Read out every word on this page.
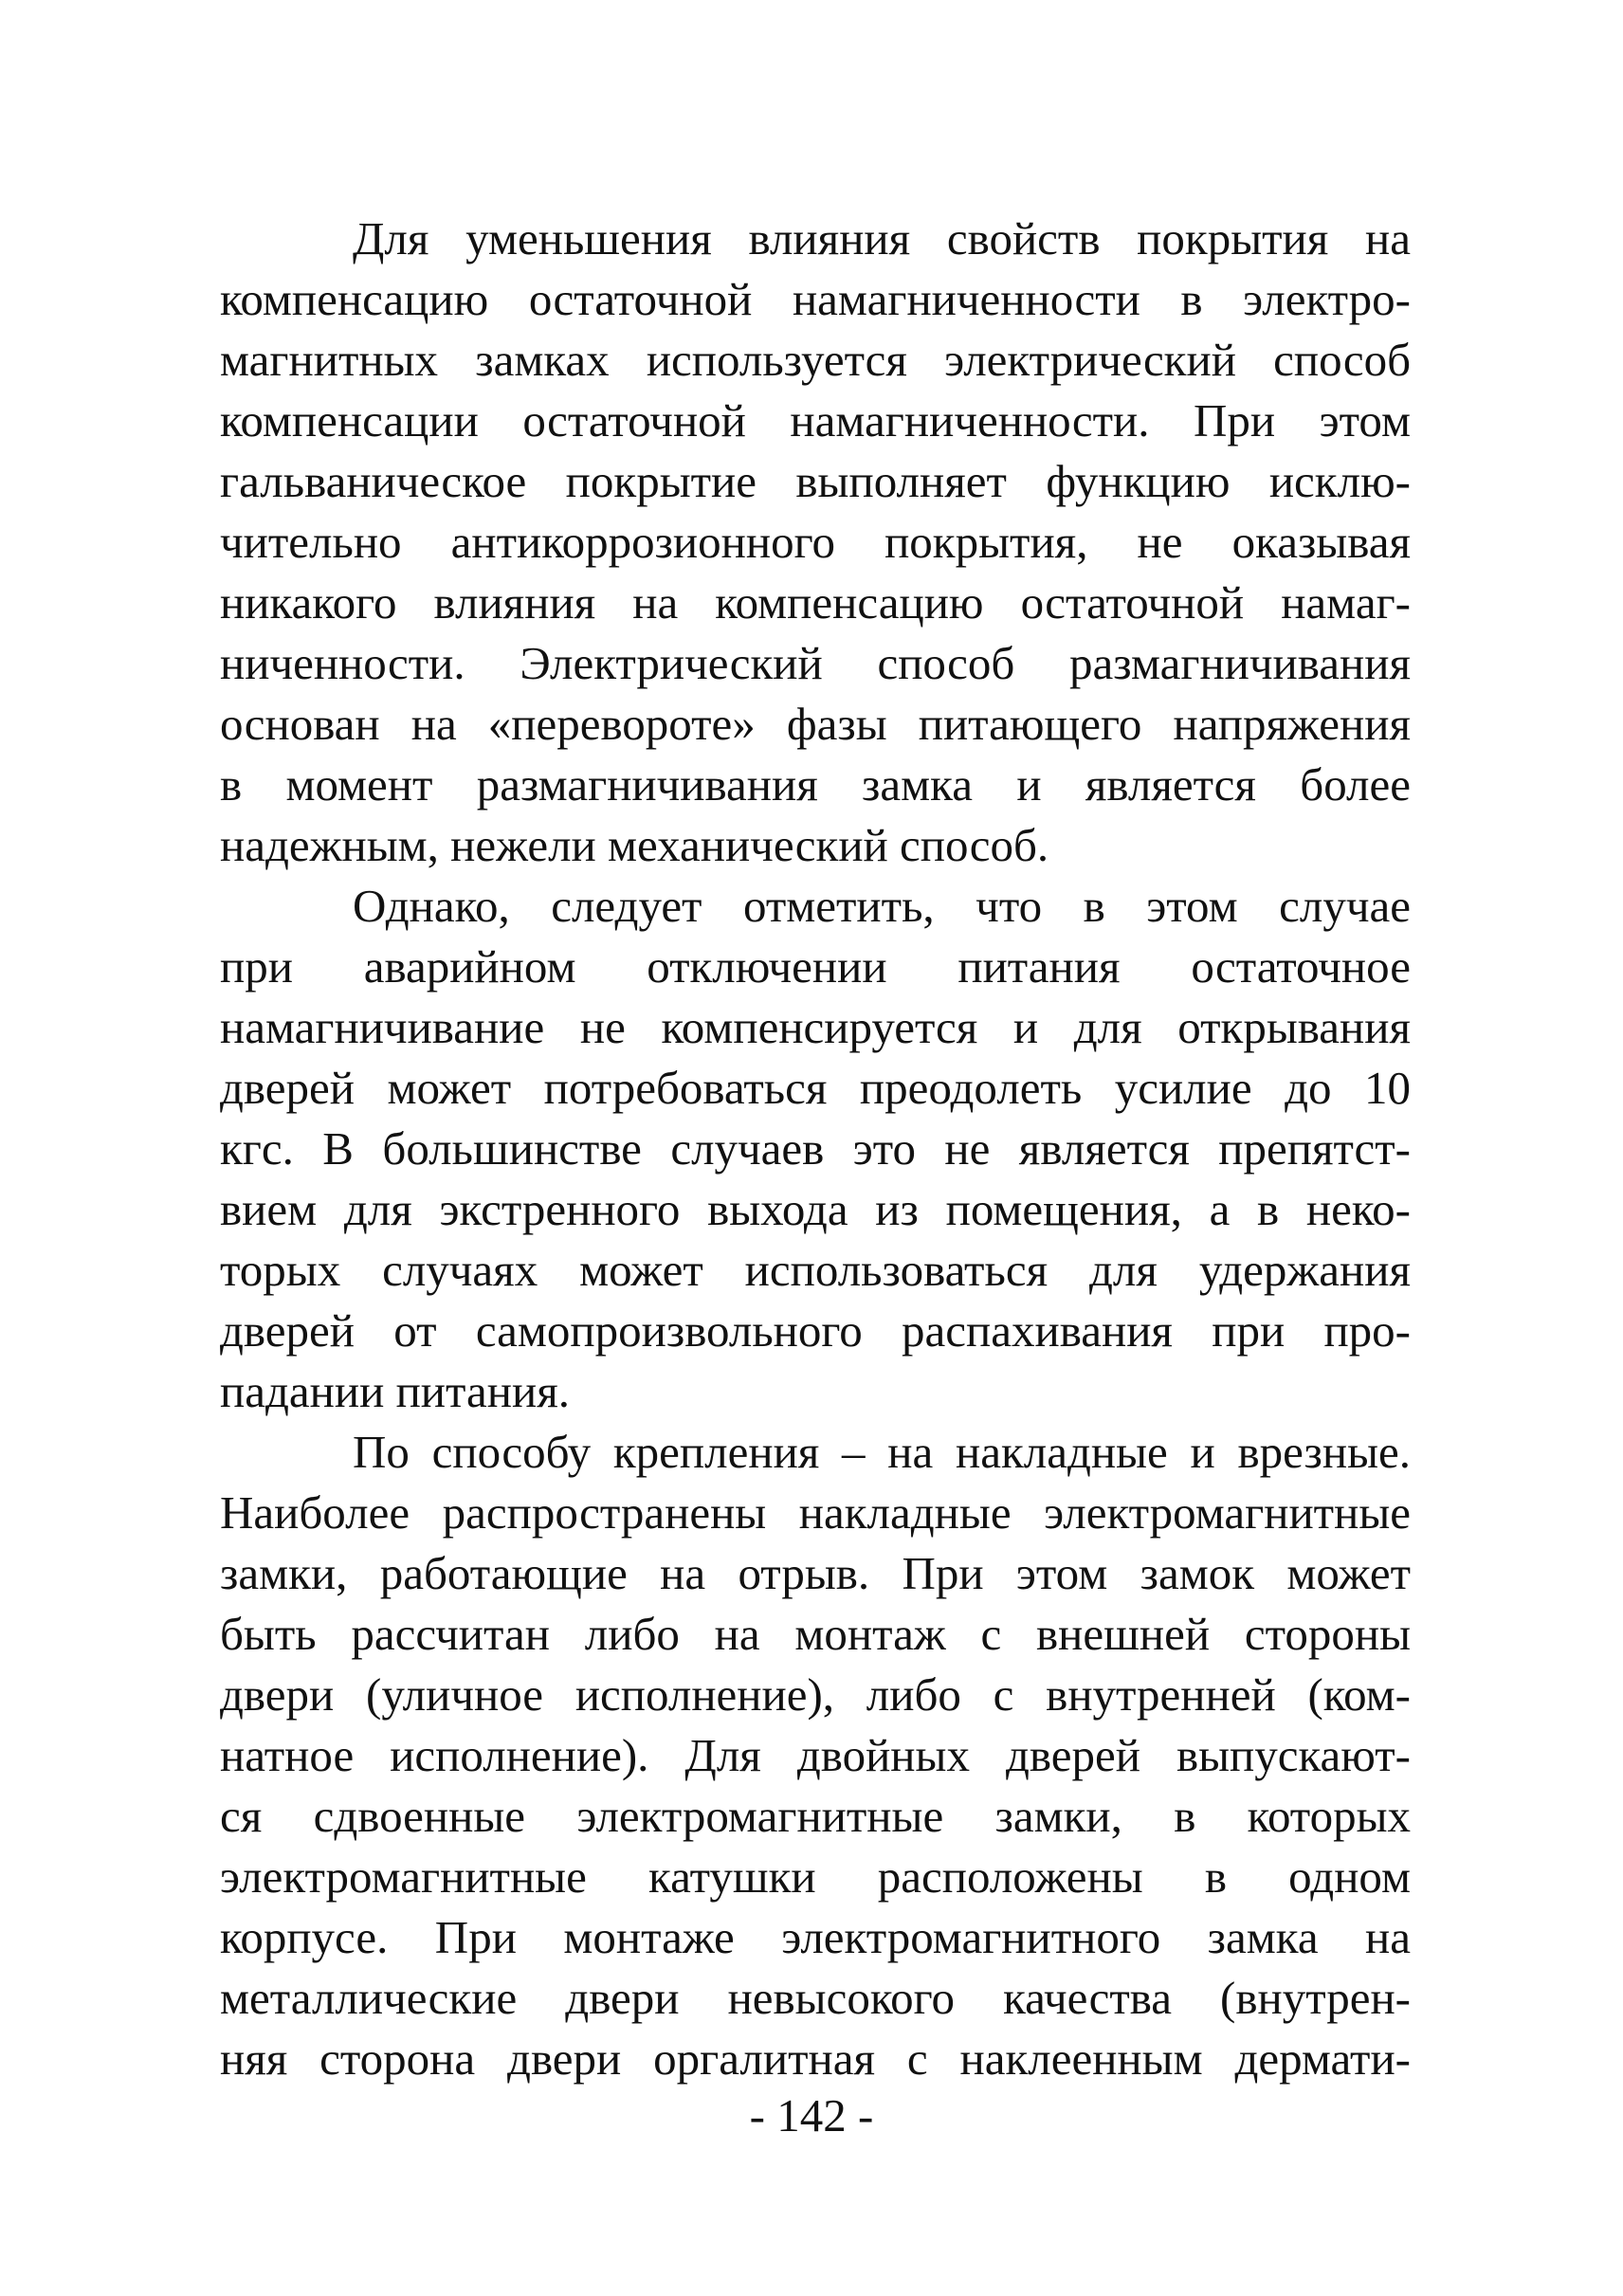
Для уменьшения влияния свойств покрытия на
компенсацию остаточной намагниченности в электро-
магнитных замках используется электрический способ
компенсации остаточной намагниченности. При этом
гальваническое покрытие выполняет функцию исклю-
чительно антикоррозионного покрытия, не оказывая
никакого влияния на компенсацию остаточной намаг-
ниченности. Электрический способ размагничивания
основан на «перевороте» фазы питающего напряжения
в момент размагничивания замка и является более
надежным, нежели механический способ.
Однако, следует отметить, что в этом случае
при аварийном отключении питания остаточное
намагничивание не компенсируется и для открывания
дверей может потребоваться преодолеть усилие до 10
кгс. В большинстве случаев это не является препятст-
вием для экстренного выхода из помещения, а в неко-
торых случаях может использоваться для удержания
дверей от самопроизвольного распахивания при про-
падании питания.
По способу крепления – на накладные и врезные.
Наиболее распространены накладные электромагнитные
замки, работающие на отрыв. При этом замок может
быть рассчитан либо на монтаж с внешней стороны
двери (уличное исполнение), либо с внутренней (ком-
натное исполнение). Для двойных дверей выпускают-
ся сдвоенные электромагнитные замки, в которых
электромагнитные катушки расположены в одном
корпусе. При монтаже электромагнитного замка на
металлические двери невысокого качества (внутрен-
няя сторона двери оргалитная с наклеенным дермати-
- 142 -
